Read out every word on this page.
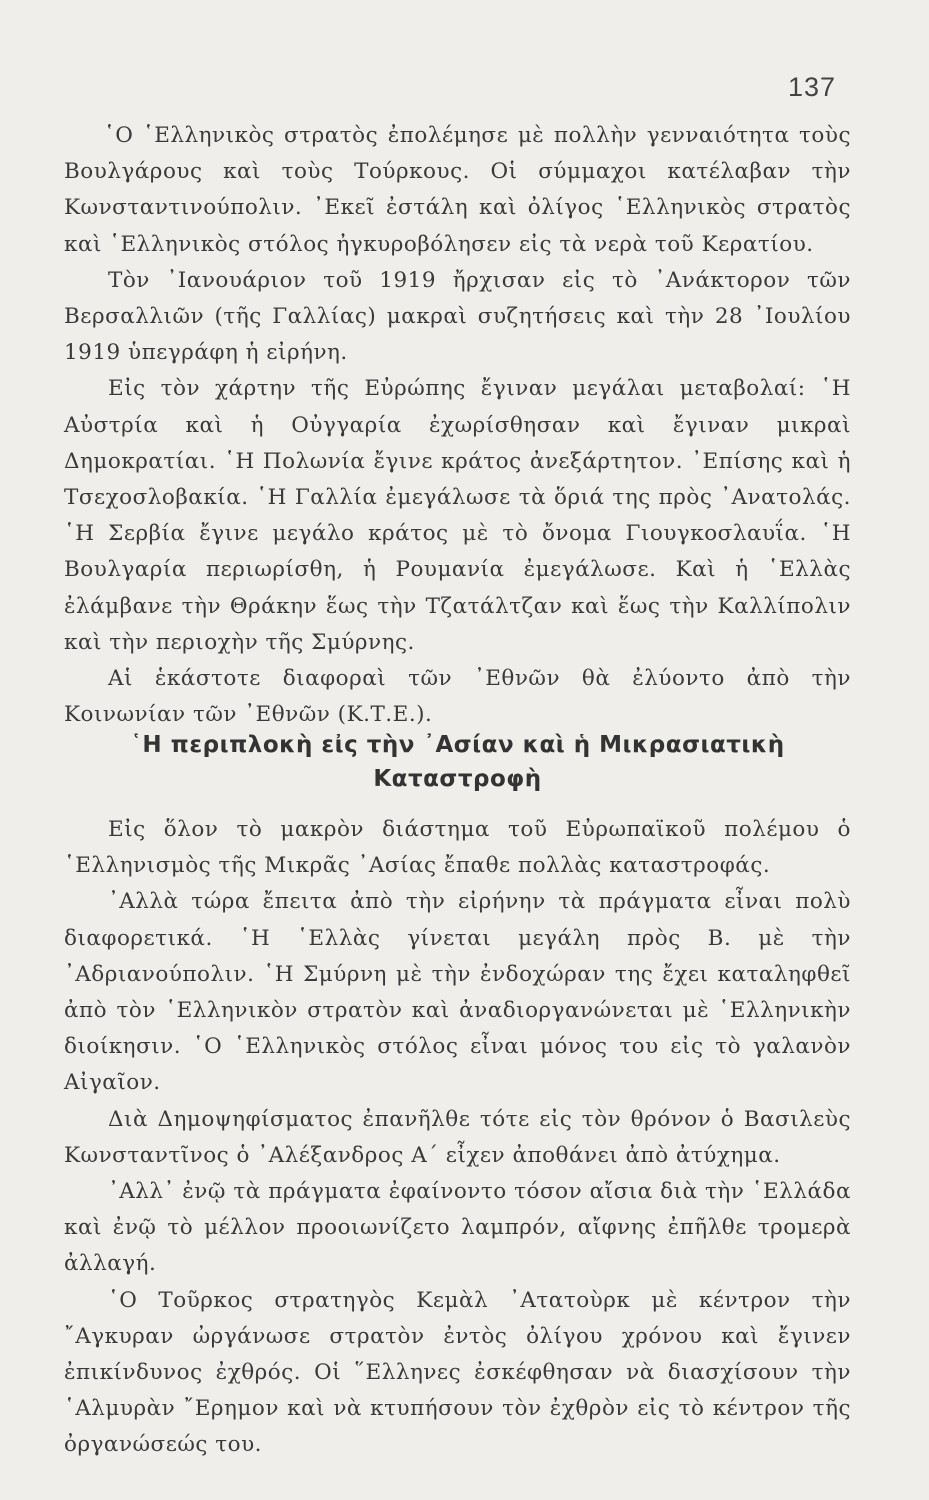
137

῾Ο ῾Ελληνικὸς στρατὸς ἐπολέμησε μὲ πολλὴν γενναιότητα τοὺς Βουλγάρους καὶ τοὺς Τούρκους. Οἱ σύμμαχοι κατέλαβαν τὴν Κωνσταντινούπολιν. ᾿Εκεῖ ἐστάλη καὶ ὀλίγος ῾Ελληνικὸς στρατὸς καὶ ῾Ελληνικὸς στόλος ἠγκυροβόλησεν εἰς τὰ νερὰ τοῦ Κερατίου.

Τὸν ᾿Ιανουάριον τοῦ 1919 ἤρχισαν εἰς τὸ ᾿Ανάκτορον τῶν Βερσαλλιῶν (τῆς Γαλλίας) μακραὶ συζητήσεις καὶ τὴν 28 ᾿Ιουλίου 1919 ὑπεγράφη ἡ εἰρήνη.

Εἰς τὸν χάρτην τῆς Εὐρώπης ἔγιναν μεγάλαι μεταβολαί: ῾Η Αὐστρία καὶ ἡ Οὐγγαρία ἐχωρίσθησαν καὶ ἔγιναν μικραὶ Δημοκρατίαι. ῾Η Πολωνία ἔγινε κράτος ἀνεξάρτητον. ᾿Επίσης καὶ ἡ Τσεχοσλοβακία. ῾Η Γαλλία ἐμεγάλωσε τὰ ὅριά της πρὸς ᾿Ανατολάς. ῾Η Σερβία ἔγινε μεγάλο κράτος μὲ τὸ ὄνομα Γιουγκοσλαυΐα. ῾Η Βουλγαρία περιωρίσθη, ἡ Ρουμανία ἐμεγάλωσε. Καὶ ἡ ῾Ελλὰς ἐλάμβανε τὴν Θράκην ἕως τὴν Τζατάλτζαν καὶ ἕως τὴν Καλλίπολιν καὶ τὴν περιοχὴν τῆς Σμύρνης.

Αἱ ἑκάστοτε διαφοραὶ τῶν ᾿Εθνῶν θὰ ἐλύοντο ἀπὸ τὴν Κοινωνίαν τῶν ᾿Εθνῶν (Κ.Τ.Ε.).

῾Η περιπλοκὴ εἰς τὴν ᾿Ασίαν καὶ ἡ Μικρασιατικὴ
Καταστροφὴ

Εἰς ὅλον τὸ μακρὸν διάστημα τοῦ Εὐρωπαϊκοῦ πολέμου ὁ ῾Ελληνισμὸς τῆς Μικρᾶς ᾿Ασίας ἔπαθε πολλὰς καταστροφάς.

᾿Αλλὰ τώρα ἔπειτα ἀπὸ τὴν εἰρήνην τὰ πράγματα εἶναι πολὺ διαφορετικά. ῾Η ῾Ελλὰς γίνεται μεγάλη πρὸς Β. μὲ τὴν ᾿Αδριανούπολιν. ῾Η Σμύρνη μὲ τὴν ἐνδοχώραν της ἔχει καταληφθεῖ ἀπὸ τὸν ῾Ελληνικὸν στρατὸν καὶ ἀναδιοργανώνεται μὲ ῾Ελληνικὴν διοίκησιν. ῾Ο ῾Ελληνικὸς στόλος εἶναι μόνος του εἰς τὸ γαλανὸν Αἰγαῖον.

Διὰ Δημοψηφίσματος ἐπανῆλθε τότε εἰς τὸν θρόνον ὁ Βασιλεὺς Κωνσταντῖνος ὁ ᾿Αλέξανδρος Α΄ εἶχεν ἀποθάνει ἀπὸ ἀτύχημα.

᾿Αλλ᾿ ἐνῷ τὰ πράγματα ἐφαίνοντο τόσον αἴσια διὰ τὴν ῾Ελλάδα καὶ ἐνῷ τὸ μέλλον προοιωνίζετο λαμπρόν, αἴφνης ἐπῆλθε τρομερὰ ἀλλαγή.

῾Ο Τοῦρκος στρατηγὸς Κεμὰλ ᾿Ατατοὺρκ μὲ κέντρον τὴν ῎Αγκυραν ὠργάνωσε στρατὸν ἐντὸς ὀλίγου χρόνου καὶ ἔγινεν ἐπικίνδυνος ἐχθρός. Οἱ ῞Ελληνες ἐσκέφθησαν νὰ διασχίσουν τὴν ῾Αλμυρὰν ῎Ερημον καὶ νὰ κτυπήσουν τὸν ἐχθρὸν εἰς τὸ κέντρον τῆς ὀργανώσεώς του.
